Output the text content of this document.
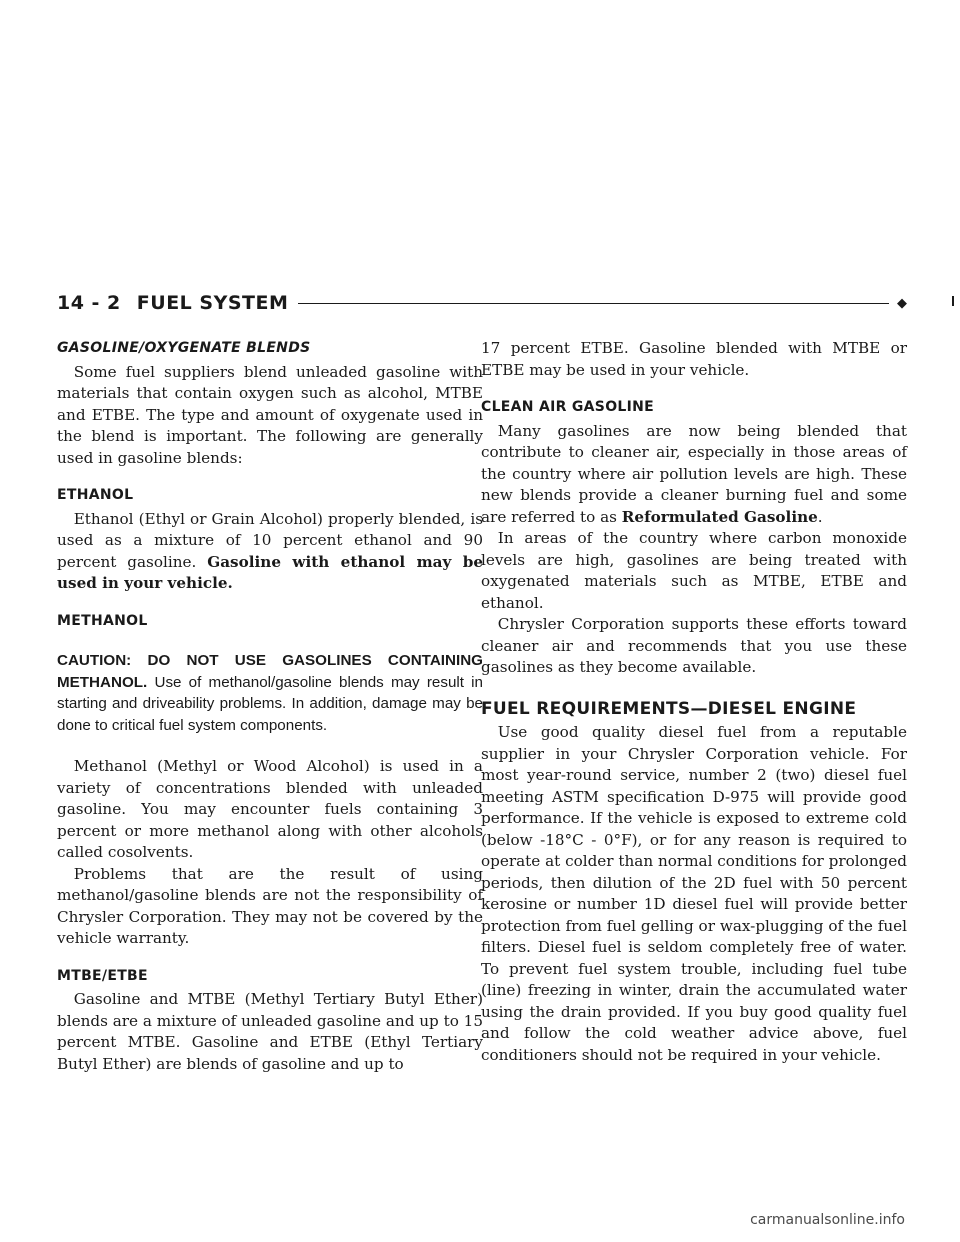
14 - 2 FUEL SYSTEM	◆
GASOLINE/OXYGENATE BLENDS

Some fuel suppliers blend unleaded gasoline with materials that contain oxygen such as alcohol, MTBE and ETBE. The type and amount of oxygenate used in the blend is important. The following are generally used in gasoline blends:

ETHANOL

Ethanol (Ethyl or Grain Alcohol) properly blended, is used as a mixture of 10 percent ethanol and 90 percent gasoline. Gasoline with ethanol may be used in your vehicle.

METHANOL

CAUTION: DO NOT USE GASOLINES CONTAINING METHANOL. Use of methanol/gasoline blends may result in starting and driveability problems. In addition, damage may be done to critical fuel system components.

Methanol (Methyl or Wood Alcohol) is used in a variety of concentrations blended with unleaded gasoline. You may encounter fuels containing 3 percent or more methanol along with other alcohols called cosolvents.

Problems that are the result of using methanol/gasoline blends are not the responsibility of Chrysler Corporation. They may not be covered by the vehicle warranty.

MTBE/ETBE

Gasoline and MTBE (Methyl Tertiary Butyl Ether) blends are a mixture of unleaded gasoline and up to 15 percent MTBE. Gasoline and ETBE (Ethyl Tertiary Butyl Ether) are blends of gasoline and up to

17 percent ETBE. Gasoline blended with MTBE or ETBE may be used in your vehicle.

CLEAN AIR GASOLINE

Many gasolines are now being blended that contribute to cleaner air, especially in those areas of the country where air pollution levels are high. These new blends provide a cleaner burning fuel and some are referred to as Reformulated Gasoline.

In areas of the country where carbon monoxide levels are high, gasolines are being treated with oxygenated materials such as MTBE, ETBE and ethanol.

Chrysler Corporation supports these efforts toward cleaner air and recommends that you use these gasolines as they become available.

FUEL REQUIREMENTS—DIESEL ENGINE

Use good quality diesel fuel from a reputable supplier in your Chrysler Corporation vehicle. For most year-round service, number 2 (two) diesel fuel meeting ASTM specification D-975 will provide good performance. If the vehicle is exposed to extreme cold (below -18°C - 0°F), or for any reason is required to operate at colder than normal conditions for prolonged periods, then dilution of the 2D fuel with 50 percent kerosine or number 1D diesel fuel will provide better protection from fuel gelling or wax-plugging of the fuel filters. Diesel fuel is seldom completely free of water. To prevent fuel system trouble, including fuel tube (line) freezing in winter, drain the accumulated water using the drain provided. If you buy good quality fuel and follow the cold weather advice above, fuel conditioners should not be required in your vehicle.

carmanualsonline.info
